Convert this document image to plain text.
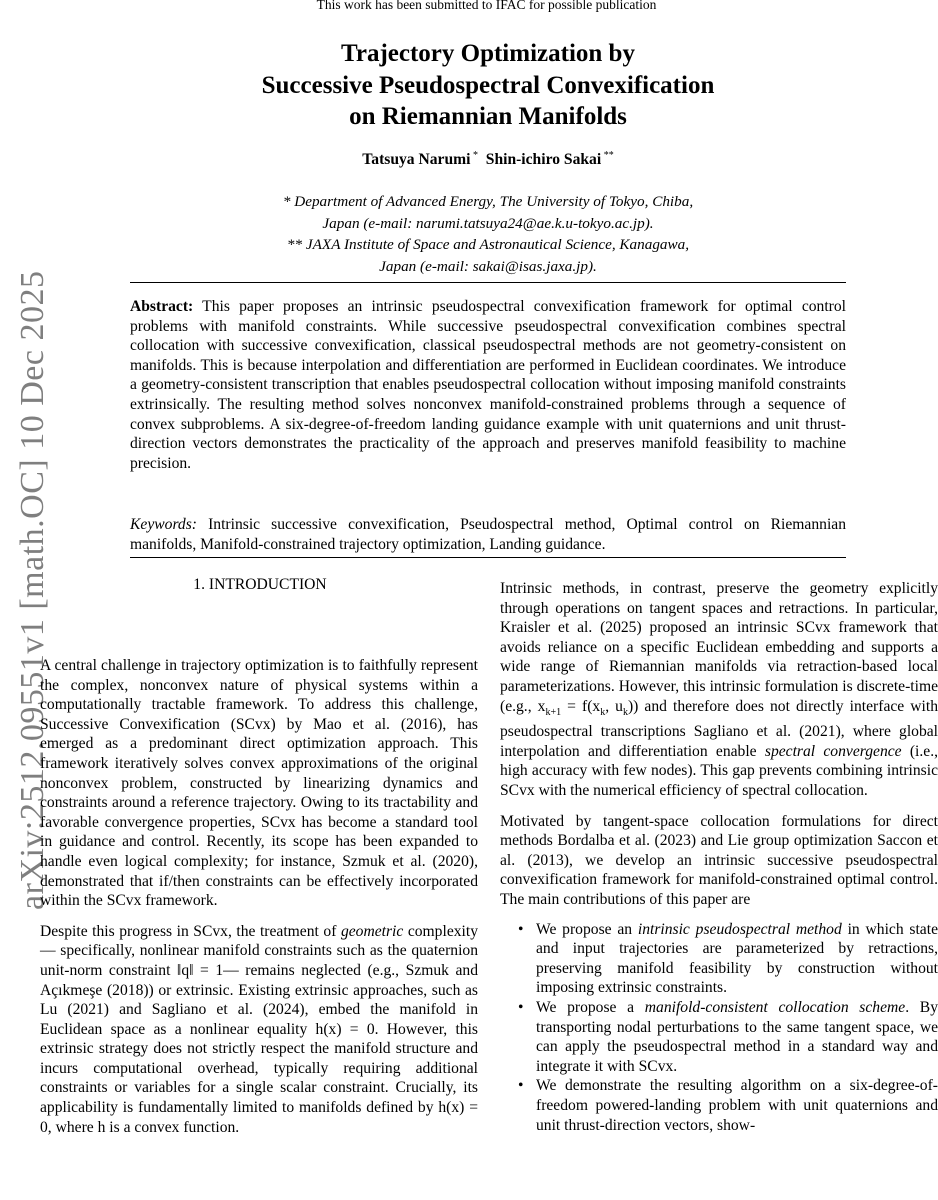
This work has been submitted to IFAC for possible publication
arXiv:2512.09551v1 [math.OC] 10 Dec 2025
Trajectory Optimization by
Successive Pseudospectral Convexification
on Riemannian Manifolds
Tatsuya Narumi * Shin-ichiro Sakai **
* Department of Advanced Energy, The University of Tokyo, Chiba,
Japan (e-mail: narumi.tatsuya24@ae.k.u-tokyo.ac.jp).
** JAXA Institute of Space and Astronautical Science, Kanagawa,
Japan (e-mail: sakai@isas.jaxa.jp).
Abstract: This paper proposes an intrinsic pseudospectral convexification framework for optimal control problems with manifold constraints. While successive pseudospectral convexification combines spectral collocation with successive convexification, classical pseudospectral methods are not geometry-consistent on manifolds. This is because interpolation and differentiation are performed in Euclidean coordinates. We introduce a geometry-consistent transcription that enables pseudospectral collocation without imposing manifold constraints extrinsically. The resulting method solves nonconvex manifold-constrained problems through a sequence of convex subproblems. A six-degree-of-freedom landing guidance example with unit quaternions and unit thrust-direction vectors demonstrates the practicality of the approach and preserves manifold feasibility to machine precision.
Keywords: Intrinsic successive convexification, Pseudospectral method, Optimal control on Riemannian manifolds, Manifold-constrained trajectory optimization, Landing guidance.
1. INTRODUCTION

A central challenge in trajectory optimization is to faithfully represent the complex, nonconvex nature of physical systems within a computationally tractable framework. To address this challenge, Successive Convexification (SCvx) by Mao et al. (2016), has emerged as a predominant direct optimization approach. This framework iteratively solves convex approximations of the original nonconvex problem, constructed by linearizing dynamics and constraints around a reference trajectory. Owing to its tractability and favorable convergence properties, SCvx has become a standard tool in guidance and control. Recently, its scope has been expanded to handle even logical complexity; for instance, Szmuk et al. (2020), demonstrated that if/then constraints can be effectively incorporated within the SCvx framework.

Despite this progress in SCvx, the treatment of geometric complexity— specifically, nonlinear manifold constraints such as the quaternion unit-norm constraint ‖q‖ = 1— remains neglected (e.g., Szmuk and Açıkmeşe (2018)) or extrinsic. Existing extrinsic approaches, such as Lu (2021) and Sagliano et al. (2024), embed the manifold in Euclidean space as a nonlinear equality h(x) = 0. However, this extrinsic strategy does not strictly respect the manifold structure and incurs computational overhead, typically requiring additional constraints or variables for a single scalar constraint. Crucially, its applicability is fundamentally limited to manifolds defined by h(x) = 0, where h is a convex function.

Intrinsic methods, in contrast, preserve the geometry explicitly through operations on tangent spaces and retractions. In particular, Kraisler et al. (2025) proposed an intrinsic SCvx framework that avoids reliance on a specific Euclidean embedding and supports a wide range of Riemannian manifolds via retraction-based local parameterizations. However, this intrinsic formulation is discrete-time (e.g., $x_{k+1} = f(x_k$, $u_k$)) and therefore does not directly interface with pseudospectral transcriptions Sagliano et al. (2021), where global interpolation and differentiation enable spectral convergence (i.e., high accuracy with few nodes). This gap prevents combining intrinsic SCvx with the numerical efficiency of spectral collocation.

Motivated by tangent-space collocation formulations for direct methods Bordalba et al. (2023) and Lie group optimization Saccon et al. (2013), we develop an intrinsic successive pseudospectral convexification framework for manifold-constrained optimal control. The main contributions of this paper are

• We propose an intrinsic pseudospectral method in which state and input trajectories are parameterized by retractions, preserving manifold feasibility by construction without imposing extrinsic constraints.
• We propose a manifold-consistent collocation scheme. By transporting nodal perturbations to the same tangent space, we can apply the pseudospectral method in a standard way and integrate it with SCvx.
• We demonstrate the resulting algorithm on a six-degree-of-freedom powered-landing problem with unit quaternions and unit thrust-direction vectors, show-
